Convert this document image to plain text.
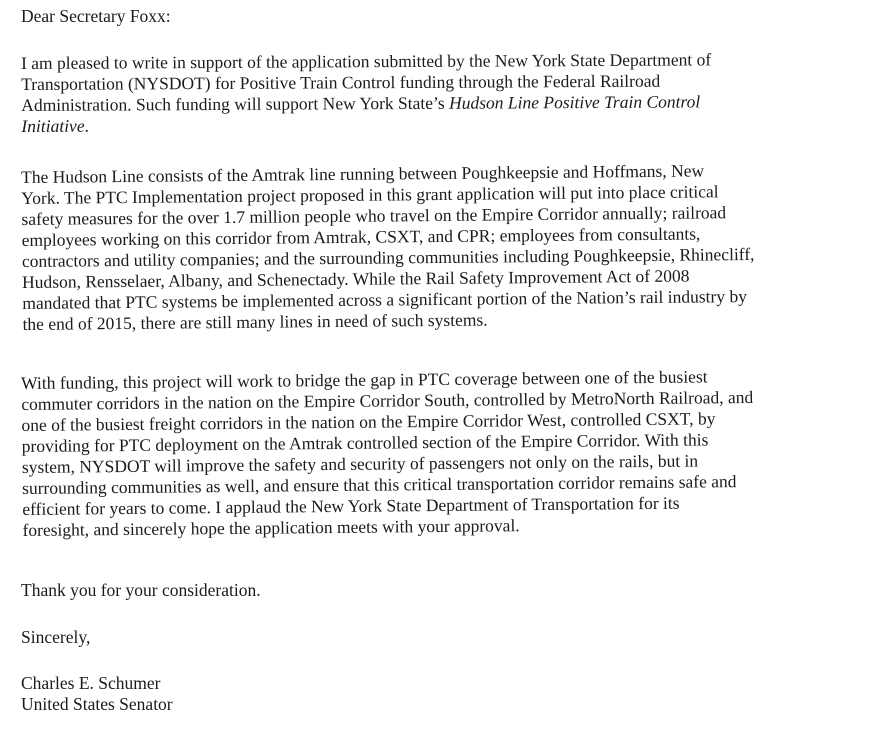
Dear Secretary Foxx:
I am pleased to write in support of the application submitted by the New York State Department of
Transportation (NYSDOT) for Positive Train Control funding through the Federal Railroad
Administration. Such funding will support New York State’s Hudson Line Positive Train Control
Initiative.
The Hudson Line consists of the Amtrak line running between Poughkeepsie and Hoffmans, New
York. The PTC Implementation project proposed in this grant application will put into place critical
safety measures for the over 1.7 million people who travel on the Empire Corridor annually; railroad
employees working on this corridor from Amtrak, CSXT, and CPR; employees from consultants,
contractors and utility companies; and the surrounding communities including Poughkeepsie, Rhinecliff,
Hudson, Rensselaer, Albany, and Schenectady. While the Rail Safety Improvement Act of 2008
mandated that PTC systems be implemented across a significant portion of the Nation’s rail industry by
the end of 2015, there are still many lines in need of such systems.
With funding, this project will work to bridge the gap in PTC coverage between one of the busiest
commuter corridors in the nation on the Empire Corridor South, controlled by MetroNorth Railroad, and
one of the busiest freight corridors in the nation on the Empire Corridor West, controlled CSXT, by
providing for PTC deployment on the Amtrak controlled section of the Empire Corridor. With this
system, NYSDOT will improve the safety and security of passengers not only on the rails, but in
surrounding communities as well, and ensure that this critical transportation corridor remains safe and
efficient for years to come. I applaud the New York State Department of Transportation for its
foresight, and sincerely hope the application meets with your approval.
Thank you for your consideration.
Sincerely,
Charles E. Schumer
United States Senator
